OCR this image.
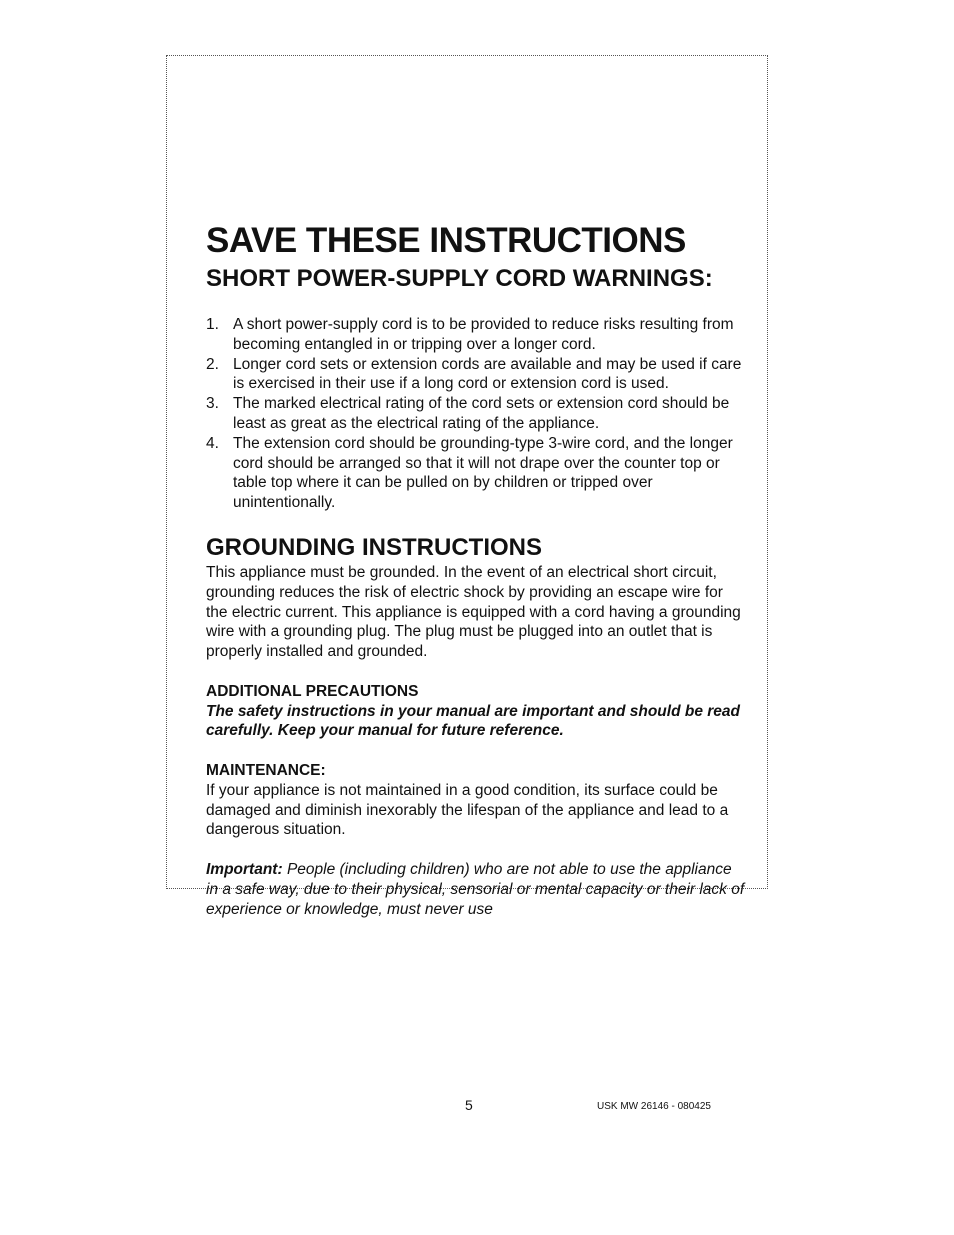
SAVE THESE INSTRUCTIONS
SHORT POWER-SUPPLY CORD WARNINGS:
1. A short power-supply cord is to be provided to reduce risks resulting from becoming entangled in or tripping over a longer cord.
2. Longer cord sets or extension cords are available and may be used if care is exercised in their use if a long cord or extension cord is used.
3. The marked electrical rating of the cord sets or extension cord should be least as great as the electrical rating of the appliance.
4. The extension cord should be grounding-type 3-wire cord, and the longer cord should be arranged so that it will not drape over the counter top or table top where it can be pulled on by children or tripped over unintentionally.
GROUNDING INSTRUCTIONS

This appliance must be grounded. In the event of an electrical short circuit, grounding reduces the risk of electric shock by providing an escape wire for the electric current. This appliance is equipped with a cord having a grounding wire with a grounding plug. The plug must be plugged into an outlet that is properly installed and grounded.

ADDITIONAL PRECAUTIONS

The safety instructions in your manual are important and should be read carefully. Keep your manual for future reference.

MAINTENANCE:

If your appliance is not maintained in a good condition, its surface could be damaged and diminish inexorably the lifespan of the appliance and lead to a dangerous situation.

Important: People (including children) who are not able to use the appliance in a safe way, due to their physical, sensorial or mental capacity or their lack of experience or knowledge, must never use

5	USK MW 26146 - 080425
